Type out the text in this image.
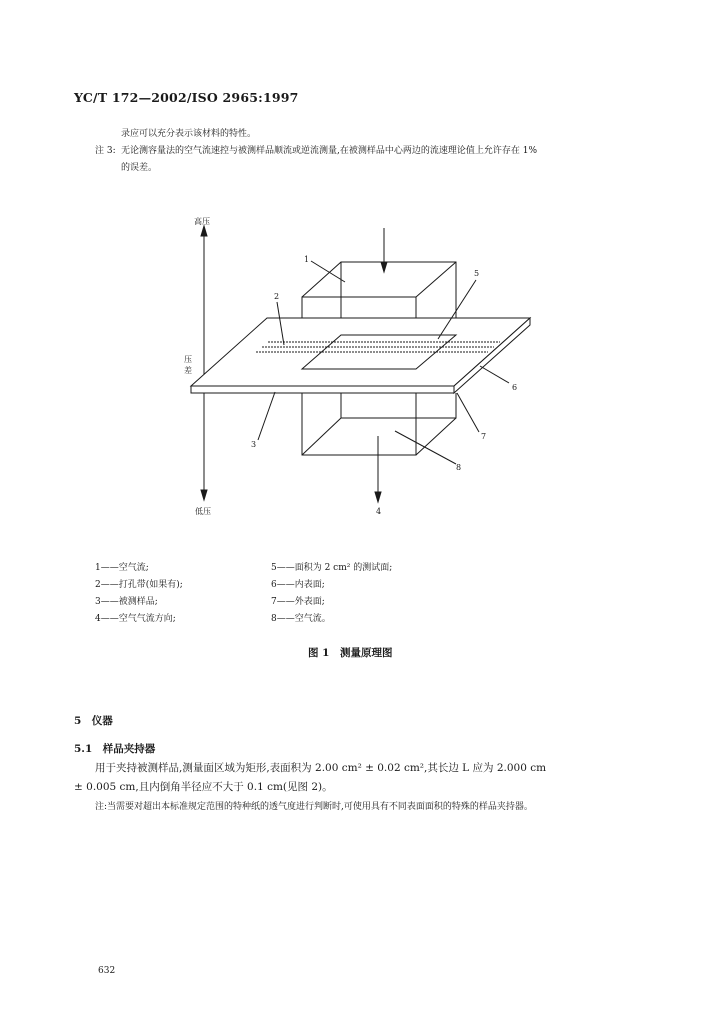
YC/T 172—2002/ISO 2965:1997
录应可以充分表示该材料的特性。
注 3: 无论测容量法的空气流速控与被测样品顺流或逆流测量,在被测样品中心两边的流速理论值上允许存在 1%
的误差。
高压
压
差
低压
1
2
3
4
5
6
7
8
1——空气流;
2——打孔带(如果有);
3——被测样品;
4——空气气流方向;
5——面积为 2 cm² 的测试面;
6——内表面;
7——外表面;
8——空气流。
图 1　测量原理图
5　仪器
5.1　样品夹持器
用于夹持被测样品,测量面区域为矩形,表面积为 2.00 cm² ± 0.02 cm²,其长边 L 应为 2.000 cm
± 0.005 cm,且内倒角半径应不大于 0.1 cm(见图 2)。
注:当需要对超出本标准规定范围的特种纸的透气度进行判断时,可使用具有不同表面面积的特殊的样品夹持器。
632
